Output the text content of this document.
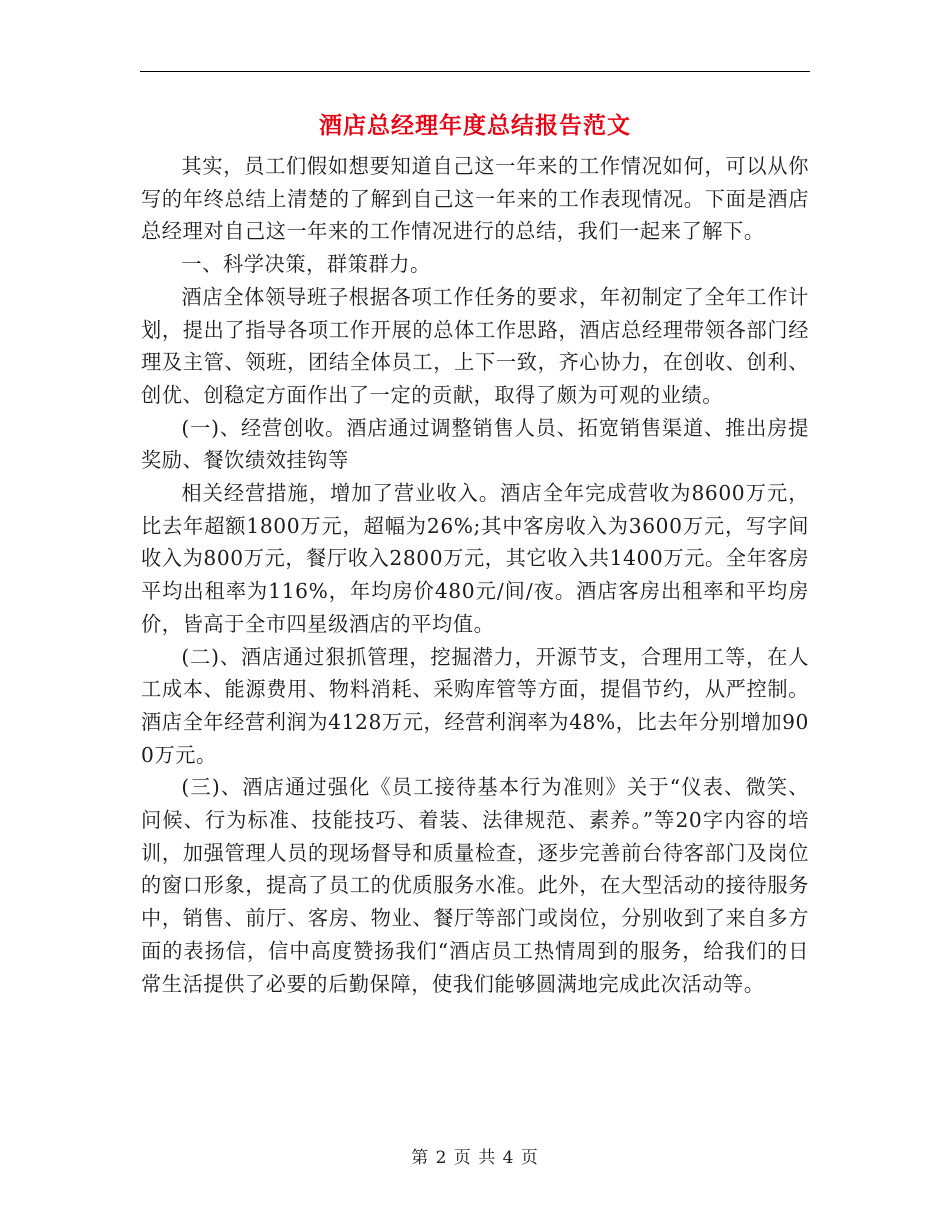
酒店总经理年度总结报告范文

其实，员工们假如想要知道自己这一年来的工作情况如何，可以从你写的年终总结上清楚的了解到自己这一年来的工作表现情况。下面是酒店总经理对自己这一年来的工作情况进行的总结，我们一起来了解下。

一、科学决策，群策群力。

酒店全体领导班子根据各项工作任务的要求，年初制定了全年工作计划，提出了指导各项工作开展的总体工作思路，酒店总经理带领各部门经理及主管、领班，团结全体员工，上下一致，齐心协力，在创收、创利、创优、创稳定方面作出了一定的贡献，取得了颇为可观的业绩。

(一)、经营创收。酒店通过调整销售人员、拓宽销售渠道、推出房提奖励、餐饮绩效挂钩等

相关经营措施，增加了营业收入。酒店全年完成营收为8600万元，比去年超额1800万元，超幅为26%;其中客房收入为3600万元，写字间收入为800万元，餐厅收入2800万元，其它收入共1400万元。全年客房平均出租率为116%，年均房价480元/间/夜。酒店客房出租率和平均房价，皆高于全市四星级酒店的平均值。

(二)、酒店通过狠抓管理，挖掘潜力，开源节支，合理用工等，在人工成本、能源费用、物料消耗、采购库管等方面，提倡节约，从严控制。酒店全年经营利润为4128万元，经营利润率为48%，比去年分别增加900万元。

(三)、酒店通过强化《员工接待基本行为准则》关于“仪表、微笑、问候、行为标准、技能技巧、着装、法律规范、素养。”等20字内容的培训，加强管理人员的现场督导和质量检查，逐步完善前台待客部门及岗位的窗口形象，提高了员工的优质服务水准。此外，在大型活动的接待服务中，销售、前厅、客房、物业、餐厅等部门或岗位，分别收到了来自多方面的表扬信，信中高度赞扬我们“酒店员工热情周到的服务，给我们的日常生活提供了必要的后勤保障，使我们能够圆满地完成此次活动等。

第 2 页 共 4 页
